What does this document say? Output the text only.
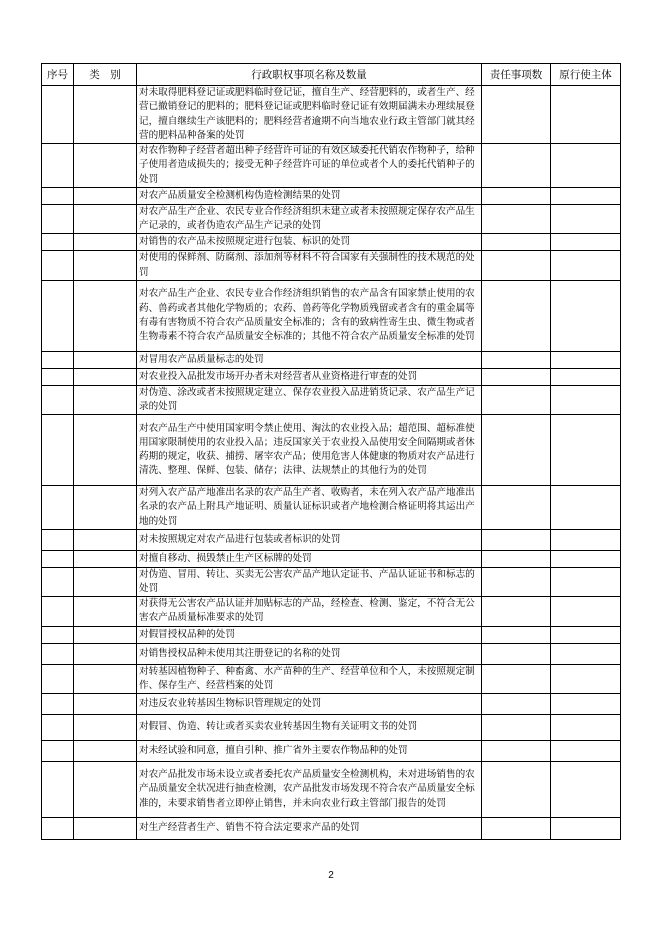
序号	类　别	行政职权事项名称及数量	责任事项数	原行使主体
		对未取得肥料登记证或肥料临时登记证，擅自生产、经营肥料的，或者生产、经营已撤销登记的肥料的；肥料登记证或肥料临时登记证有效期届满未办理续展登记，擅自继续生产该肥料的；肥料经营者逾期不向当地农业行政主管部门就其经营的肥料品种备案的处罚		
		对农作物种子经营者超出种子经营许可证的有效区域委托代销农作物种子，给种子使用者造成损失的；接受无种子经营许可证的单位或者个人的委托代销种子的处罚		
		对农产品质量安全检测机构伪造检测结果的处罚		
		对农产品生产企业、农民专业合作经济组织未建立或者未按照规定保存农产品生产记录的，或者伪造农产品生产记录的处罚		
		对销售的农产品未按照规定进行包装、标识的处罚		
		对使用的保鲜剂、防腐剂、添加剂等材料不符合国家有关强制性的技术规范的处罚		
		对农产品生产企业、农民专业合作经济组织销售的农产品含有国家禁止使用的农药、兽药或者其他化学物质的；农药、兽药等化学物质残留或者含有的重金属等有毒有害物质不符合农产品质量安全标准的；含有的致病性寄生虫、微生物或者生物毒素不符合农产品质量安全标准的；其他不符合农产品质量安全标准的处罚		
		对冒用农产品质量标志的处罚		
		对农业投入品批发市场开办者未对经营者从业资格进行审查的处罚		
		对伪造、涂改或者未按照规定建立、保存农业投入品进销货记录、农产品生产记录的处罚		
		对农产品生产中使用国家明令禁止使用、淘汰的农业投入品；超范围、超标准使用国家限制使用的农业投入品；违反国家关于农业投入品使用安全间隔期或者休药期的规定，收获、捕捞、屠宰农产品；使用危害人体健康的物质对农产品进行清洗、整理、保鲜、包装、储存；法律、法规禁止的其他行为的处罚		
		对列入农产品产地准出名录的农产品生产者、收购者，未在列入农产品产地准出名录的农产品上附具产地证明、质量认证标识或者产地检测合格证明将其运出产地的处罚		
		对未按照规定对农产品进行包装或者标识的处罚		
		对擅自移动、损毁禁止生产区标牌的处罚		
		对伪造、冒用、转让、买卖无公害农产品产地认定证书、产品认证证书和标志的处罚		
		对获得无公害农产品认证并加贴标志的产品，经检查、检测、鉴定，不符合无公害农产品质量标准要求的处罚		
		对假冒授权品种的处罚		
		对销售授权品种未使用其注册登记的名称的处罚		
		对转基因植物种子、种畜禽、水产苗种的生产、经营单位和个人，未按照规定制作、保存生产、经营档案的处罚		
		对违反农业转基因生物标识管理规定的处罚		
		对假冒、伪造、转让或者买卖农业转基因生物有关证明文书的处罚		
		对未经试验和同意，擅自引种、推广省外主要农作物品种的处罚		
		对农产品批发市场未设立或者委托农产品质量安全检测机构，未对进场销售的农产品质量安全状况进行抽查检测，农产品批发市场发现不符合农产品质量安全标准的，未要求销售者立即停止销售，并未向农业行政主管部门报告的处罚		
		对生产经营者生产、销售不符合法定要求产品的处罚		
2
